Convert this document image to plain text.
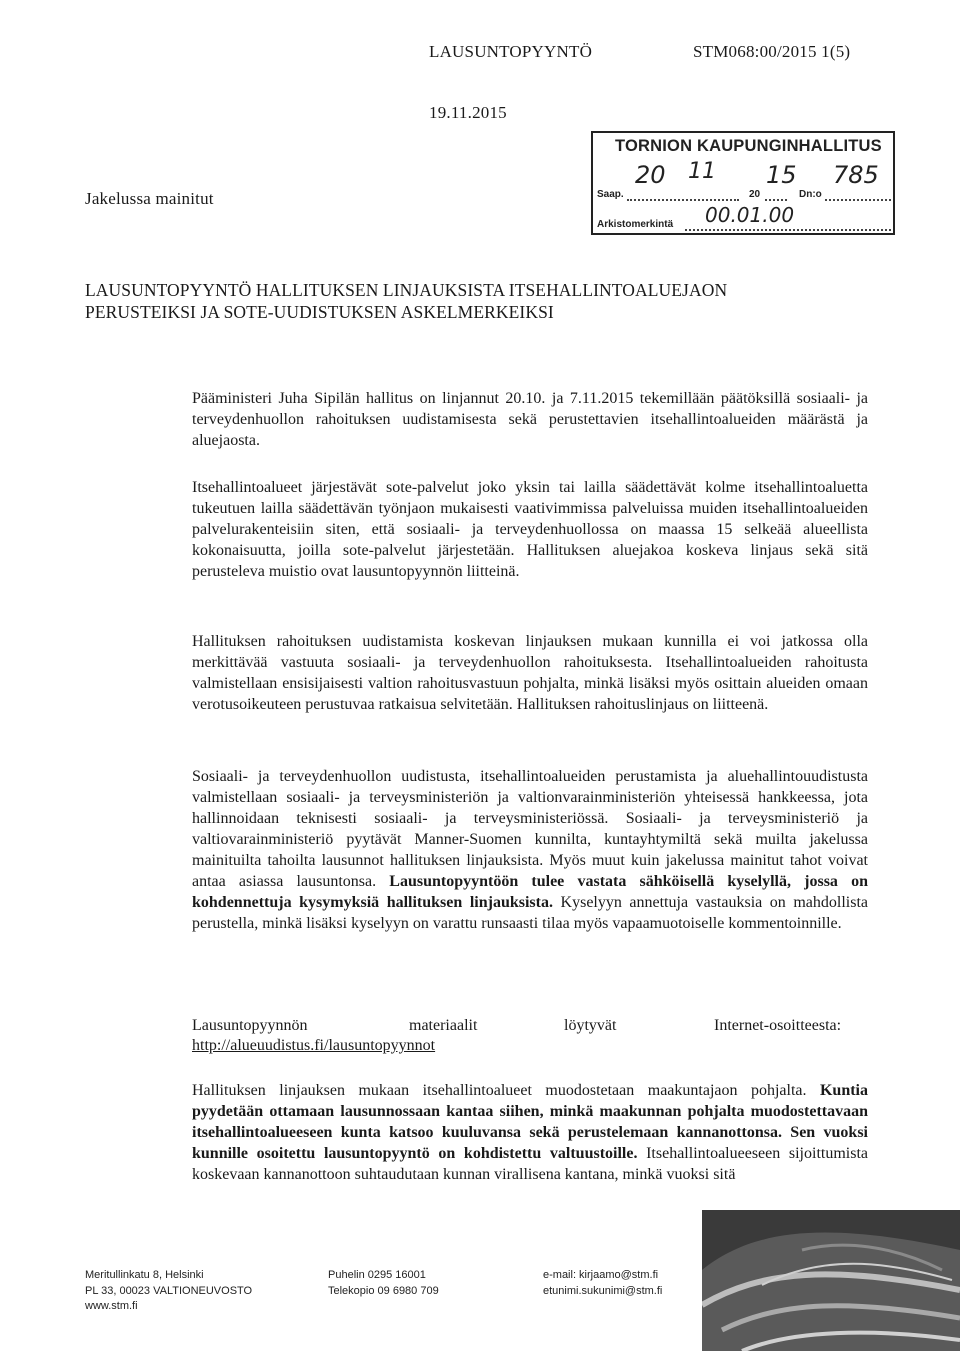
LAUSUNTOPYYNTÖ	STM068:00/2015 1(5)
19.11.2015
Jakelussa mainitut
TORNION KAUPUNGINHALLITUS
Saap.
20 11
20
15
Dn:o
785
Arkistomerkintä 00.01.00
LAUSUNTOPYYNTÖ HALLITUKSEN LINJAUKSISTA ITSEHALLINTOALUEJAON
PERUSTEIKSI JA SOTE-UUDISTUKSEN ASKELMERKEIKSI
Pääministeri Juha Sipilän hallitus on linjannut 20.10. ja 7.11.2015 tekemillään päätöksillä sosiaali- ja terveydenhuollon rahoituksen uudistamisesta sekä perustettavien itsehallintoalueiden määrästä ja aluejaosta.
Itsehallintoalueet järjestävät sote-palvelut joko yksin tai lailla säädettävät kolme itsehallintoaluetta tukeutuen lailla säädettävän työnjaon mukaisesti vaativimmissa palveluissa muiden itsehallintoalueiden palvelurakenteisiin siten, että sosiaali- ja terveydenhuollossa on maassa 15 selkeää alueellista kokonaisuutta, joilla sote-palvelut järjestetään. Hallituksen aluejakoa koskeva linjaus sekä sitä perusteleva muistio ovat lausuntopyynnön liitteinä.
Hallituksen rahoituksen uudistamista koskevan linjauksen mukaan kunnilla ei voi jatkossa olla merkittävää vastuuta sosiaali- ja terveydenhuollon rahoituksesta. Itsehallintoalueiden rahoitusta valmistellaan ensisijaisesti valtion rahoitusvastuun pohjalta, minkä lisäksi myös osittain alueiden omaan verotusoikeuteen perustuvaa ratkaisua selvitetään. Hallituksen rahoituslinjaus on liitteenä.
Sosiaali- ja terveydenhuollon uudistusta, itsehallintoalueiden perustamista ja aluehallintouudistusta valmistellaan sosiaali- ja terveysministeriön ja valtionvarainministeriön yhteisessä hankkeessa, jota hallinnoidaan teknisesti sosiaali- ja terveysministeriössä. Sosiaali- ja terveysministeriö ja valtiovarainministeriö pyytävät Manner-Suomen kunnilta, kuntayhtymiltä sekä muilta jakelussa mainituilta tahoilta lausunnot hallituksen linjauksista. Myös muut kuin jakelussa mainitut tahot voivat antaa asiassa lausuntonsa. Lausuntopyyntöön tulee vastata sähköisellä kyselyllä, jossa on kohdennettuja kysymyksiä hallituksen linjauksista. Kyselyyn annettuja vastauksia on mahdollista perustella, minkä lisäksi kyselyyn on varattu runsaasti tilaa myös vapaamuotoiselle kommentoinnille.
Lausuntopyynnön	materiaalit	löytyvät	Internet-osoitteesta:
http://alueuudistus.fi/lausuntopyynnot
Hallituksen linjauksen mukaan itsehallintoalueet muodostetaan maakuntajaon pohjalta. Kuntia pyydetään ottamaan lausunnossaan kantaa siihen, minkä maakunnan pohjalta muodostettavaan itsehallintoalueeseen kunta katsoo kuuluvansa sekä perustelemaan kannanottonsa. Sen vuoksi kunnille osoitettu lausuntopyyntö on kohdistettu valtuustoille. Itsehallintoalueeseen sijoittumista koskevaan kannanottoon suhtaudutaan kunnan virallisena kantana, minkä vuoksi sitä
Meritullinkatu 8, Helsinki
PL 33, 00023 VALTIONEUVOSTO
www.stm.fi
Puhelin 0295 16001
Telekopio 09 6980 709
e-mail: kirjaamo@stm.fi
etunimi.sukunimi@stm.fi
